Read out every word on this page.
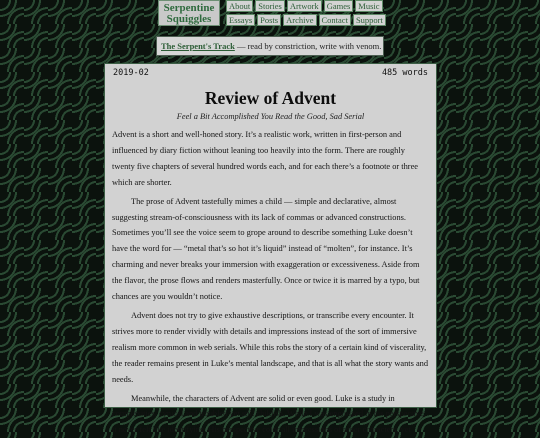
Serpentine
Squiggles
About Stories Artwork Games Music
Essays Posts Archive Contact Support
The Serpent's Track — read by constriction, write with venom.
2019-02	485 words
Review of Advent
Feel a Bit Accomplished You Read the Good, Sad Serial

Advent is a short and well-honed story. It’s a realistic work, written in first-person and influenced by diary fiction without leaning too heavily into the form. There are roughly twenty five chapters of several hundred words each, and for each there’s a footnote or three which are shorter.

The prose of Advent tastefully mimes a child — simple and declarative, almost suggesting stream-of-consciousness with its lack of commas or advanced constructions. Sometimes you’ll see the voice seem to grope around to describe something Luke doesn’t have the word for — “metal that’s so hot it’s liquid” instead of “molten”, for instance. It’s charming and never breaks your immersion with exaggeration or excessiveness. Aside from the flavor, the prose flows and renders masterfully. Once or twice it is marred by a typo, but chances are you wouldn’t notice.

Advent does not try to give exhaustive descriptions, or transcribe every encounter. It strives more to render vividly with details and impressions instead of the sort of immersive realism more common in web serials. While this robs the story of a certain kind of viscerality, the reader remains present in Luke’s mental landscape, and that is all what the story wants and needs.

Meanwhile, the characters of Advent are solid or even good. Luke is a study in complexities, cynical and troubled yet still childish. While I was engrossed in his perspective, it never felt like identifying. His perspective color all impressions of other characters, yet
